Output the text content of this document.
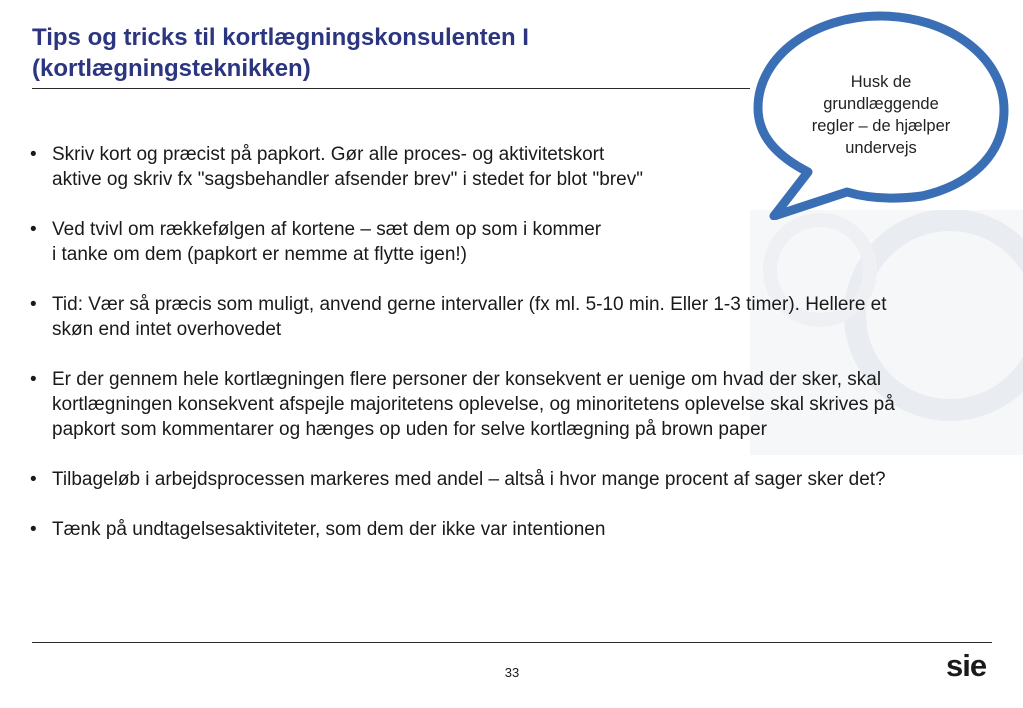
Tips og tricks til kortlægningskonsulenten I
(kortlægningsteknikken)	Husk de
grundlæggende
regler – de hjælper
undervejs
• Skriv kort og præcist på papkort. Gør alle proces- og aktivitetskort
aktive og skriv fx "sagsbehandler afsender brev" i stedet for blot "brev"
• Ved tvivl om rækkefølgen af kortene – sæt dem op som i kommer
i tanke om dem (papkort er nemme at flytte igen!)
• Tid: Vær så præcis som muligt, anvend gerne intervaller (fx ml. 5-10 min. Eller 1-3 timer). Hellere et
skøn end intet overhovedet
• Er der gennem hele kortlægningen flere personer der konsekvent er uenige om hvad der sker, skal
kortlægningen konsekvent afspejle majoritetens oplevelse, og minoritetens oplevelse skal skrives på
papkort som kommentarer og hænges op uden for selve kortlægning på brown paper
• Tilbageløb i arbejdsprocessen markeres med andel – altså i hvor mange procent af sager sker det?
• Tænk på undtagelsesaktiviteter, som dem der ikke var intentionen
33	sie
